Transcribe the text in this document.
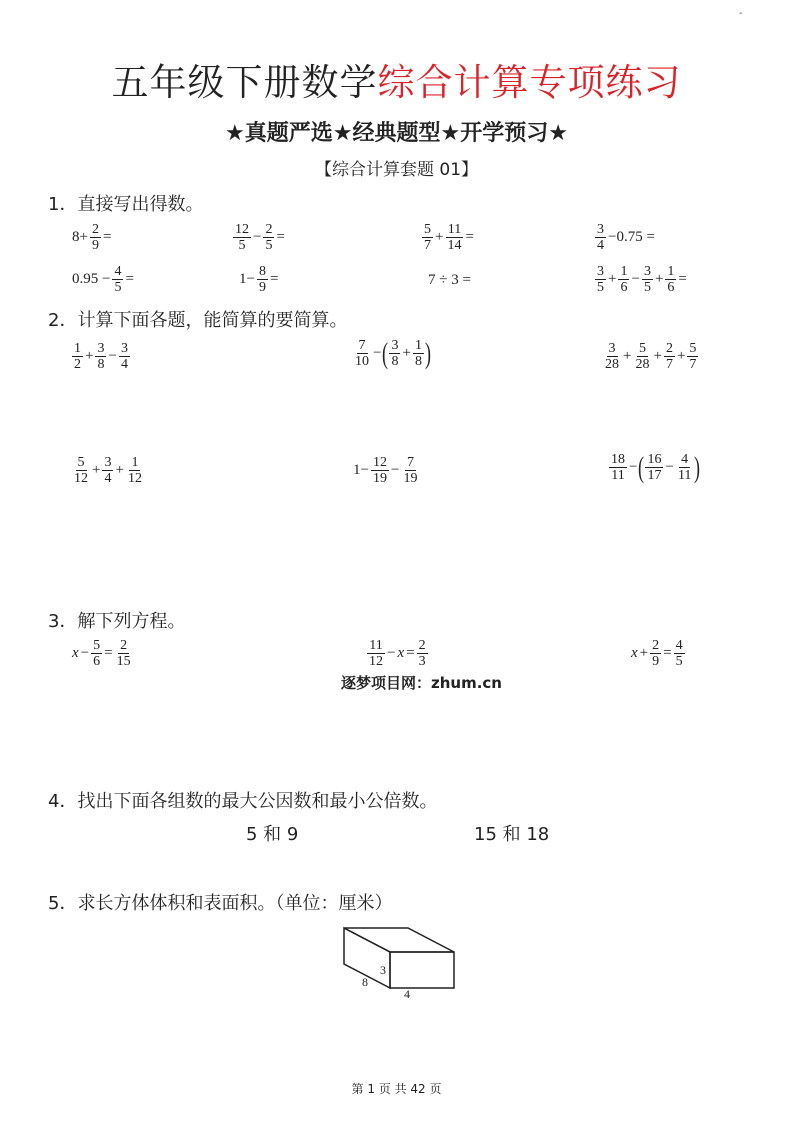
-
五年级下册数学综合计算专项练习
★真题严选★经典题型★开学预习★
【综合计算套题 01】
1．直接写出得数。
$8+ \frac{2}{9}$ =	$\frac{12}{5} - \frac{2}{5}$ =	$\frac{5}{7} + \frac{11}{14}$ =	$\frac{3}{4} -0.75$ =
$0.95 - \frac{4}{5}$ =	$1- \frac{8}{9}$ =	7 ÷ 3 =	$\frac{3}{5} + \frac{1}{6} - \frac{3}{5} + \frac{1}{6}$ =
2．计算下面各题，能简算的要简算。
$\frac{1}{2} + \frac{3}{8} - \frac{3}{4}$	$\frac{7}{10}$ − ( $\frac{3}{8} + \frac{1}{8}$ )	$\frac{3}{28} + \frac{5}{28} + \frac{2}{7} + \frac{5}{7}$
$\frac{5}{12} + \frac{3}{4} + \frac{1}{12}$	$1- \frac{12}{19} - \frac{7}{19}$	$\frac{18}{11}$ − ( $\frac{16}{17} - \frac{4}{11}$ )
3．解下列方程。
$x - \frac{5}{6} = \frac{2}{15}$	$\frac{11}{12} - x = \frac{2}{3}$	$x + \frac{2}{9} = \frac{4}{5}$
逐梦项目网：zhum.cn
4．找出下面各组数的最大公因数和最小公倍数。
5 和 9	15 和 18
5．求长方体体积和表面积。（单位：厘米）
3
8
4
第 1 页 共 42 页
